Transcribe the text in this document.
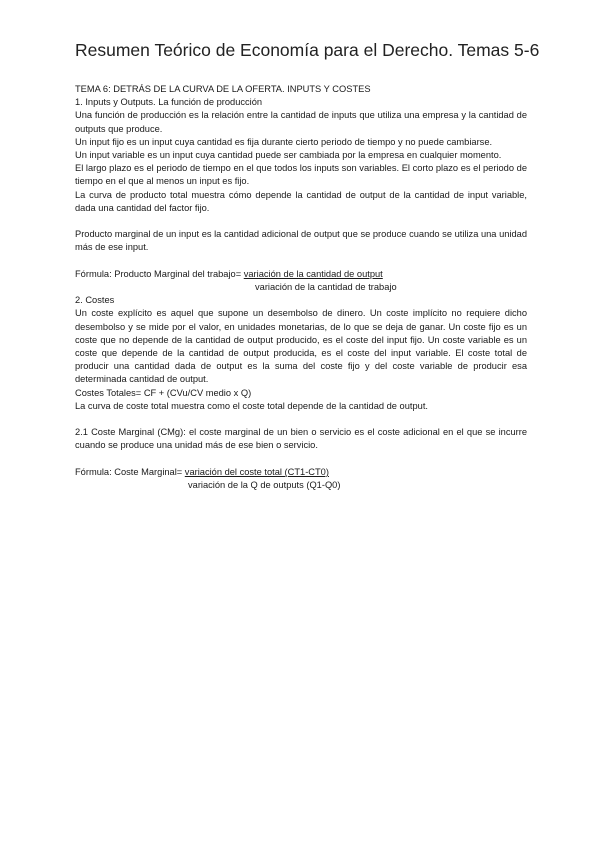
Resumen Teórico de Economía para el Derecho. Temas 5-6

TEMA 6: DETRÁS DE LA CURVA DE LA OFERTA. INPUTS Y COSTES

1. Inputs y Outputs. La función de producción

Una función de producción es la relación entre la cantidad de inputs que utiliza una empresa y la cantidad de outputs que produce.

Un input fijo es un input cuya cantidad es fija durante cierto periodo de tiempo y no puede cambiarse.

Un input variable es un input cuya cantidad puede ser cambiada por la empresa en cualquier momento.

El largo plazo es el periodo de tiempo en el que todos los inputs son variables. El corto plazo es el periodo de tiempo en el que al menos un input es fijo.

La curva de producto total muestra cómo depende la cantidad de output de la cantidad de input variable, dada una cantidad del factor fijo.

Producto marginal de un input es la cantidad adicional de output que se produce cuando se utiliza una unidad más de ese input.

Fórmula: Producto Marginal del trabajo= variación de la cantidad de output
variación de la cantidad de trabajo

2. Costes

Un coste explícito es aquel que supone un desembolso de dinero. Un coste implícito no requiere dicho desembolso y se mide por el valor, en unidades monetarias, de lo que se deja de ganar. Un coste fijo es un coste que no depende de la cantidad de output producido, es el coste del input fijo. Un coste variable es un coste que depende de la cantidad de output producida, es el coste del input variable. El coste total de producir una cantidad dada de output es la suma del coste fijo y del coste variable de producir esa determinada cantidad de output.

Costes Totales= CF + (CVu/CV medio x Q)

La curva de coste total muestra como el coste total depende de la cantidad de output.

2.1 Coste Marginal (CMg): el coste marginal de un bien o servicio es el coste adicional en el que se incurre cuando se produce una unidad más de ese bien o servicio.

Fórmula: Coste Marginal= variación del coste total (CT1-CT0)
variación de la Q de outputs (Q1-Q0)
